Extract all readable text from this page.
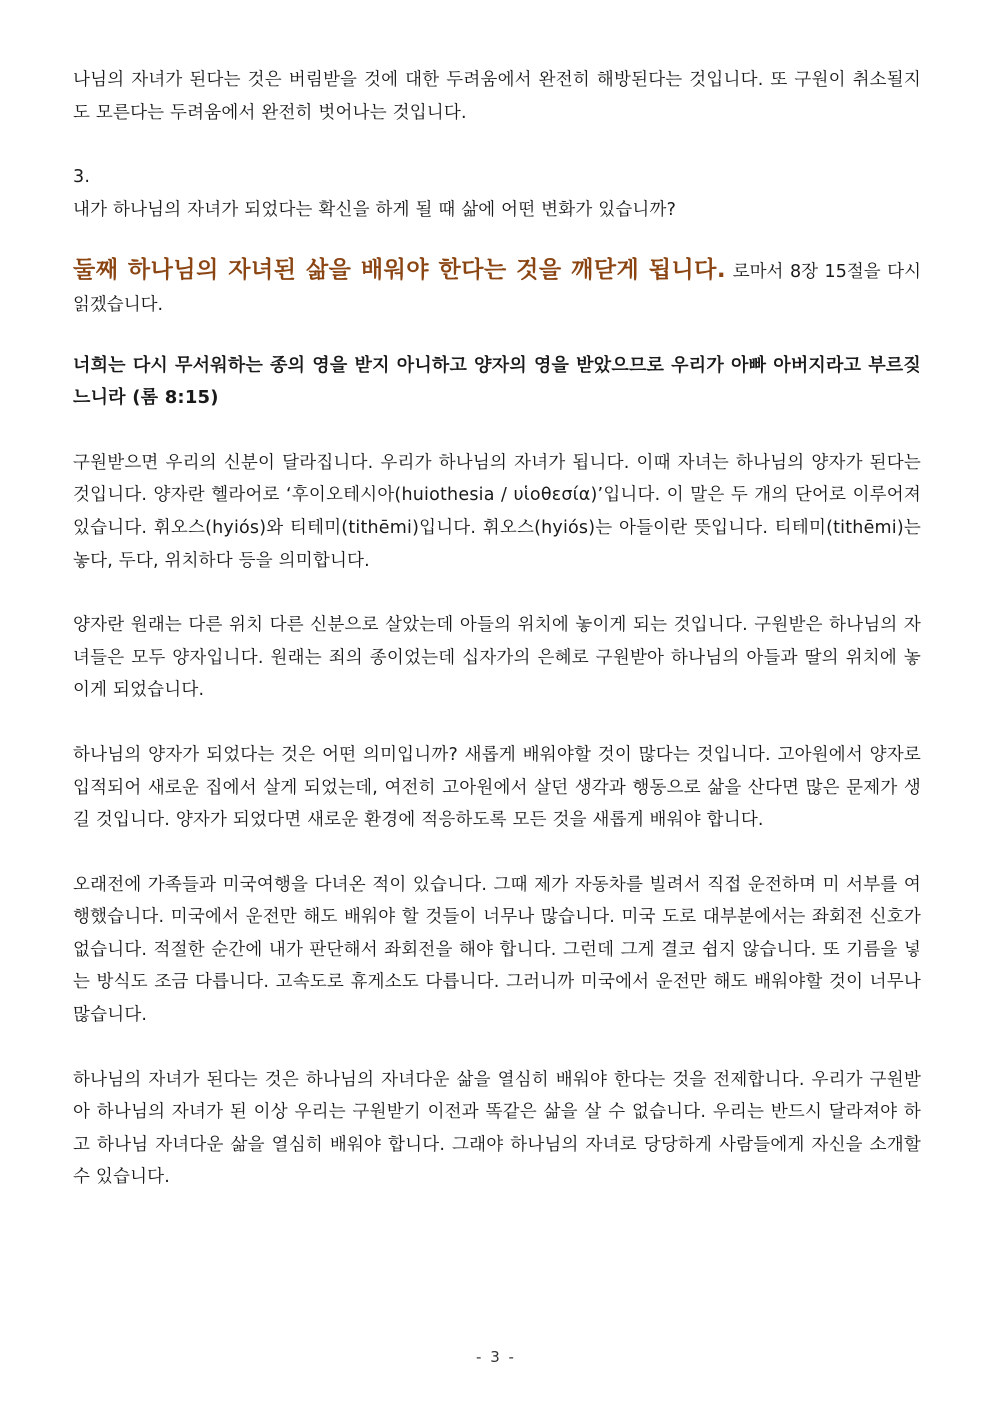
나님의 자녀가 된다는 것은 버림받을 것에 대한 두려움에서 완전히 해방된다는 것입니다. 또 구원이 취소될지도 모른다는 두려움에서 완전히 벗어나는 것입니다.

3.

내가 하나님의 자녀가 되었다는 확신을 하게 될 때 삶에 어떤 변화가 있습니까?

둘째 하나님의 자녀된 삶을 배워야 한다는 것을 깨닫게 됩니다. 로마서 8장 15절을 다시 읽겠습니다.

너희는 다시 무서워하는 종의 영을 받지 아니하고 양자의 영을 받았으므로 우리가 아빠 아버지라고 부르짖느니라 (롬 8:15)

구원받으면 우리의 신분이 달라집니다. 우리가 하나님의 자녀가 됩니다. 이때 자녀는 하나님의 양자가 된다는 것입니다. 양자란 헬라어로 ‘후이오테시아(huiothesia / υἱοθεσία)’입니다. 이 말은 두 개의 단어로 이루어져 있습니다. 휘오스(hyiós)와 티테미(tithēmi)입니다. 휘오스(hyiós)는 아들이란 뜻입니다. 티테미(tithēmi)는 놓다, 두다, 위치하다 등을 의미합니다.

양자란 원래는 다른 위치 다른 신분으로 살았는데 아들의 위치에 놓이게 되는 것입니다. 구원받은 하나님의 자녀들은 모두 양자입니다. 원래는 죄의 종이었는데 십자가의 은혜로 구원받아 하나님의 아들과 딸의 위치에 놓이게 되었습니다.

하나님의 양자가 되었다는 것은 어떤 의미입니까? 새롭게 배워야할 것이 많다는 것입니다. 고아원에서 양자로 입적되어 새로운 집에서 살게 되었는데, 여전히 고아원에서 살던 생각과 행동으로 삶을 산다면 많은 문제가 생길 것입니다. 양자가 되었다면 새로운 환경에 적응하도록 모든 것을 새롭게 배워야 합니다.

오래전에 가족들과 미국여행을 다녀온 적이 있습니다. 그때 제가 자동차를 빌려서 직접 운전하며 미 서부를 여행했습니다. 미국에서 운전만 해도 배워야 할 것들이 너무나 많습니다. 미국 도로 대부분에서는 좌회전 신호가 없습니다. 적절한 순간에 내가 판단해서 좌회전을 해야 합니다. 그런데 그게 결코 쉽지 않습니다. 또 기름을 넣는 방식도 조금 다릅니다. 고속도로 휴게소도 다릅니다. 그러니까 미국에서 운전만 해도 배워야할 것이 너무나 많습니다.

하나님의 자녀가 된다는 것은 하나님의 자녀다운 삶을 열심히 배워야 한다는 것을 전제합니다. 우리가 구원받아 하나님의 자녀가 된 이상 우리는 구원받기 이전과 똑같은 삶을 살 수 없습니다. 우리는 반드시 달라져야 하고 하나님 자녀다운 삶을 열심히 배워야 합니다. 그래야 하나님의 자녀로 당당하게 사람들에게 자신을 소개할 수 있습니다.

- 3 -
